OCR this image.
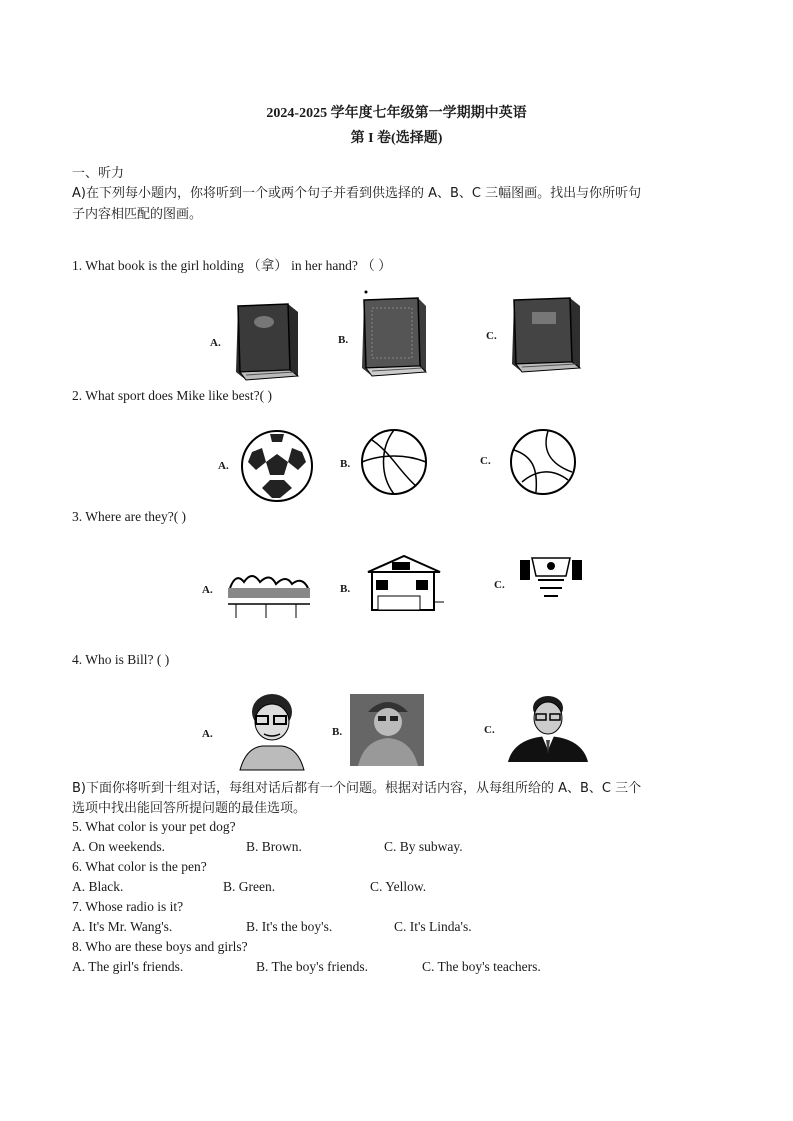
2024-2025 学年度七年级第一学期期中英语
第 I 卷(选择题)
一、听力
A)在下列每小题内，你将听到一个或两个句子并看到供选择的 A、B、C 三幅图画。找出与你所听句
子内容相匹配的图画。
1. What book is the girl holding （拿） in her hand? （ ）
A.	B.	C.
2. What sport does Mike like best?( )
A.	B.	C.
3. Where are they?( )
A.	B.	C.
4. Who is Bill? ( )
A.	B.	C.
B)下面你将听到十组对话，每组对话后都有一个问题。根据对话内容，从每组所给的 A、B、C 三个
选项中找出能回答所提问题的最佳选项。
5. What color is your pet dog?
A. On weekends.	B. Brown.	C. By subway.
6. What color is the pen?
A. Black.	B. Green.	C. Yellow.
7. Whose radio is it?
A. It's Mr. Wang's.	B. It's the boy's.	C. It's Linda's.
8. Who are these boys and girls?
A. The girl's friends.	B. The boy's friends.	C. The boy's teachers.
